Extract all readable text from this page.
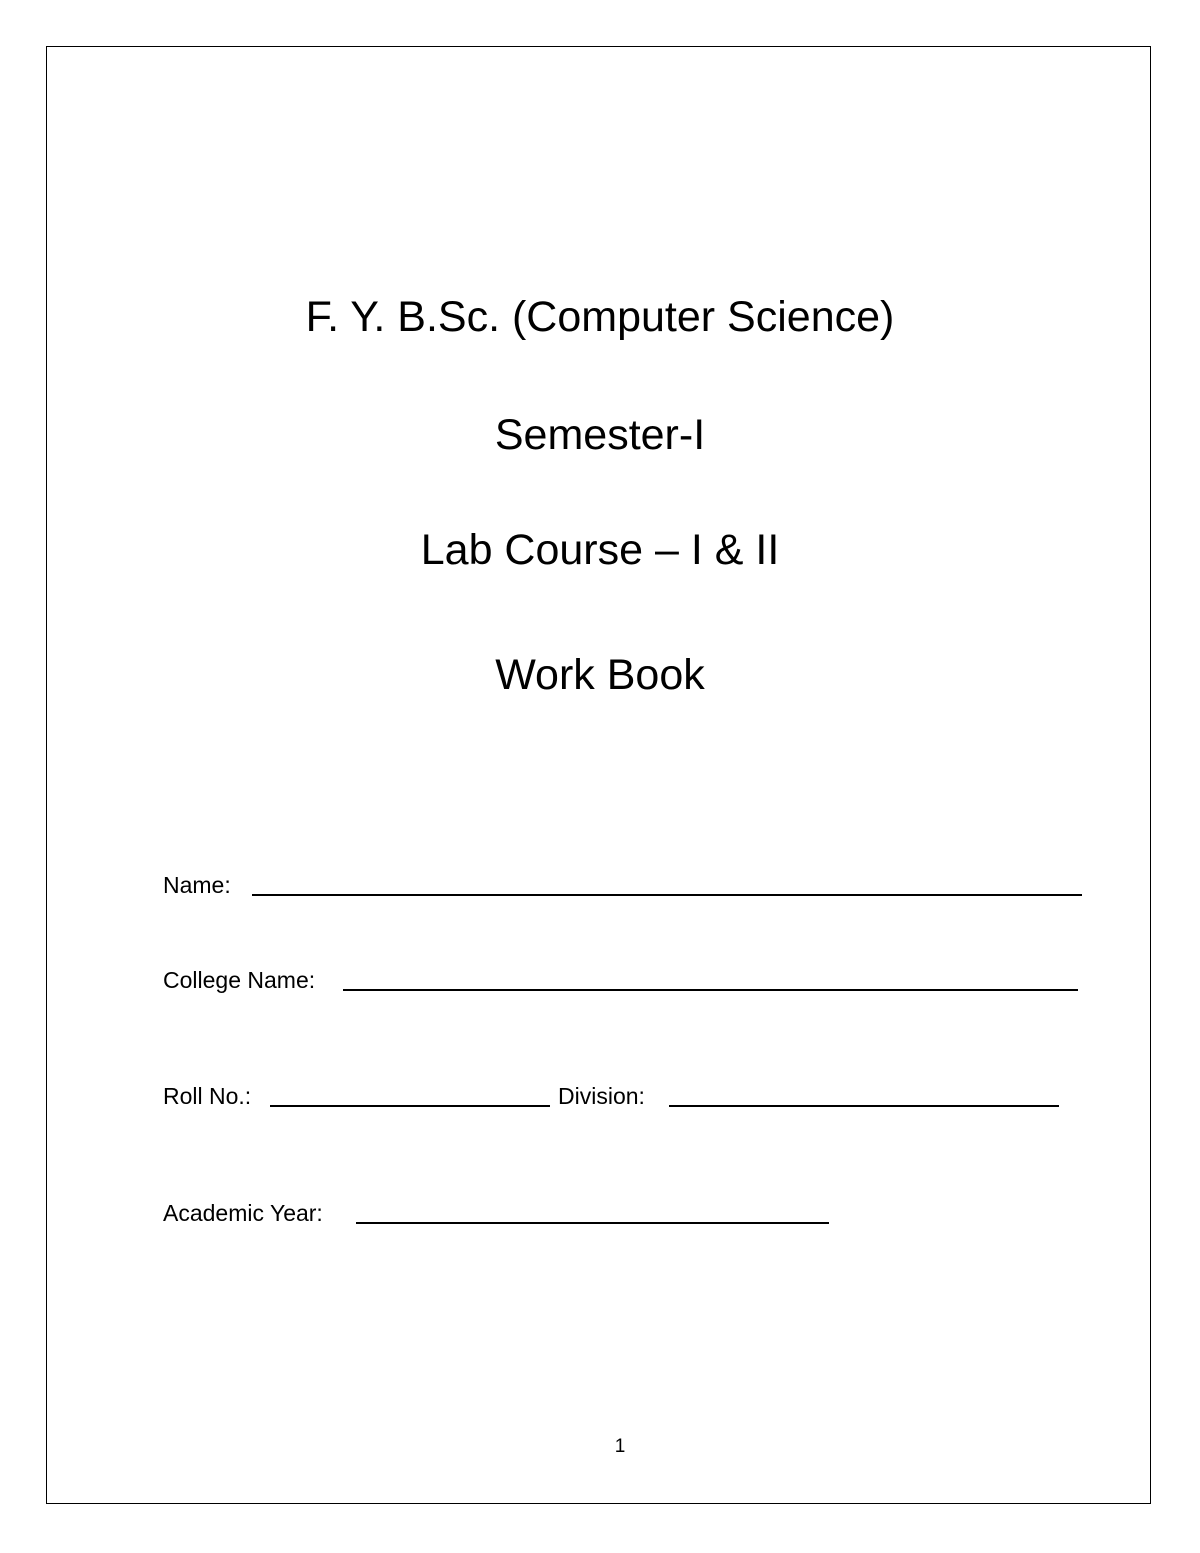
F. Y. B.Sc. (Computer Science)
Semester-I
Lab Course – I & II
Work Book
Name:
College Name:
Roll No.:	Division:
Academic Year:
1
